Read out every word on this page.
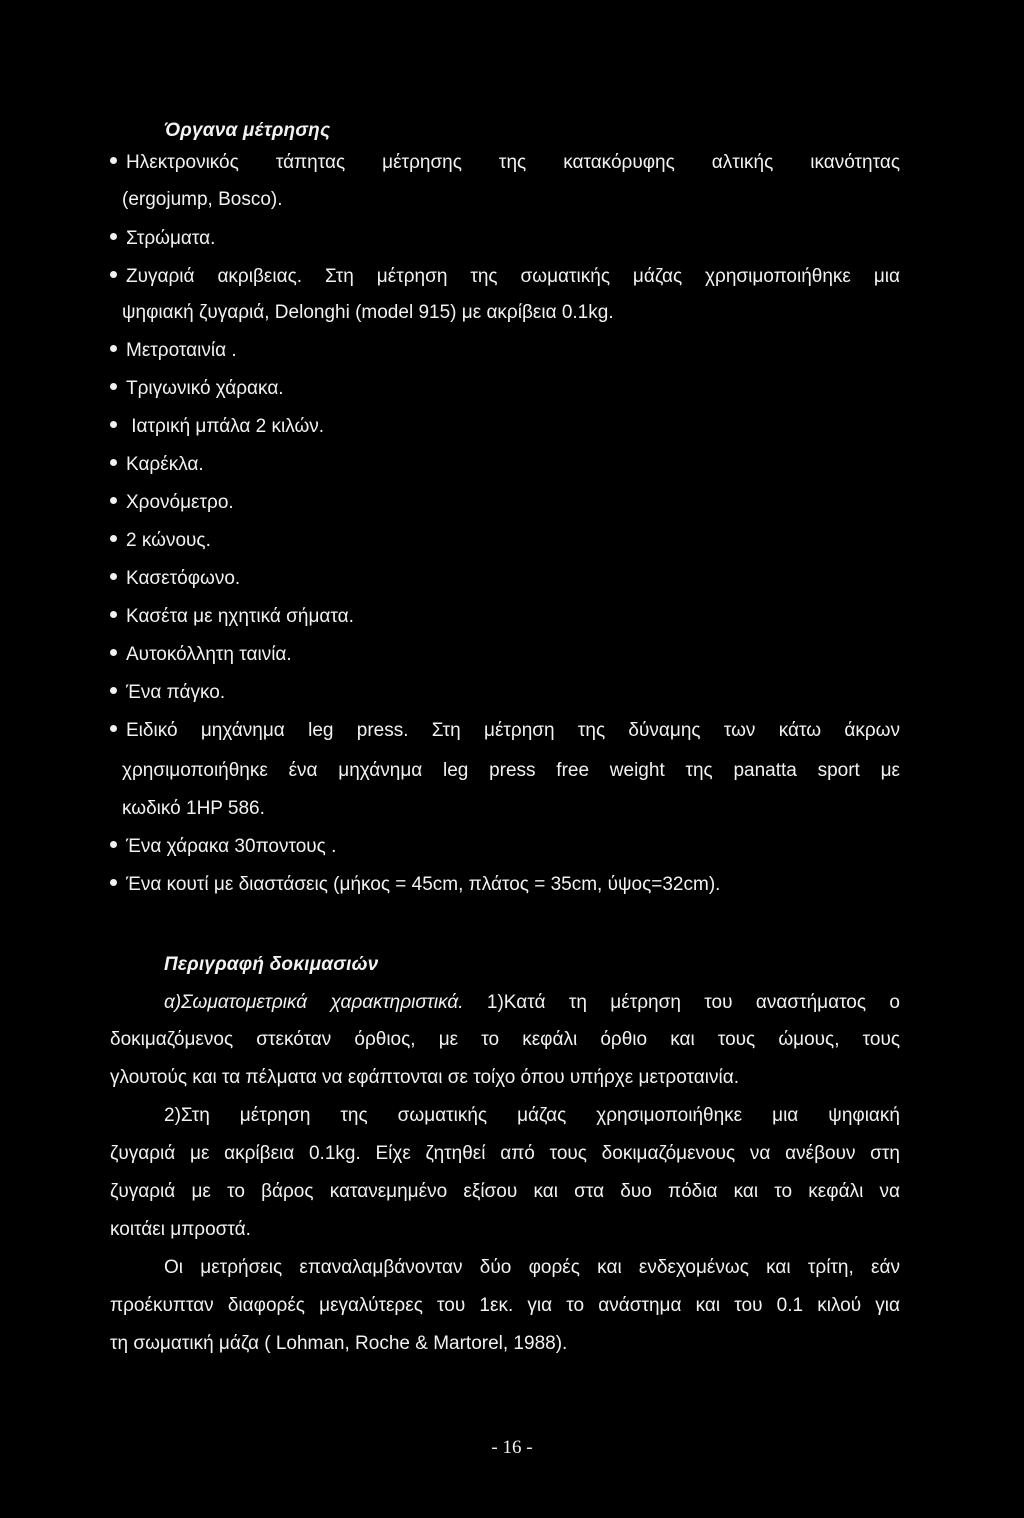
Όργανα μέτρησης
Ηλεκτρονικός τάπητας μέτρησης της κατακόρυφης αλτικής ικανότητας
(ergojump, Bosco).
Στρώματα.
Ζυγαριά ακριβειας. Στη μέτρηση της σωματικής μάζας χρησιμοποιήθηκε μια
ψηφιακή ζυγαριά, Delonghi (model 915) με ακρίβεια 0.1kg.
Μετροταινία .
Τριγωνικό χάρακα.
Ιατρική μπάλα 2 κιλών.
Καρέκλα.
Χρονόμετρο.
2 κώνους.
Κασετόφωνο.
Κασέτα με ηχητικά σήματα.
Αυτοκόλλητη ταινία.
Ένα πάγκο.
Ειδικό μηχάνημα leg press. Στη μέτρηση της δύναμης των κάτω άκρων
χρησιμοποιήθηκε ένα μηχάνημα leg press free weight της panatta sport με
κωδικό 1HP 586.
Ένα χάρακα 30ποντους .
Ένα κουτί με διαστάσεις (μήκος = 45cm, πλάτος = 35cm, ύψος=32cm).
Περιγραφή δοκιμασιών
α)Σωματομετρικά χαρακτηριστικά. 1)Κατά τη μέτρηση του αναστήματος ο
δοκιμαζόμενος στεκόταν όρθιος, με το κεφάλι όρθιο και τους ώμους, τους
γλουτούς και τα πέλματα να εφάπτονται σε τοίχο όπου υπήρχε μετροταινία.
2)Στη μέτρηση της σωματικής μάζας χρησιμοποιήθηκε μια ψηφιακή
ζυγαριά με ακρίβεια 0.1kg. Είχε ζητηθεί από τους δοκιμαζόμενους να ανέβουν στη
ζυγαριά με το βάρος κατανεμημένο εξίσου και στα δυο πόδια και το κεφάλι να
κοιτάει μπροστά.
Οι μετρήσεις επαναλαμβάνονταν δύο φορές και ενδεχομένως και τρίτη, εάν
προέκυπταν διαφορές μεγαλύτερες του 1εκ. για το ανάστημα και του 0.1 κιλού για
τη σωματική μάζα ( Lohman, Roche & Martorel, 1988).
- 16 -
